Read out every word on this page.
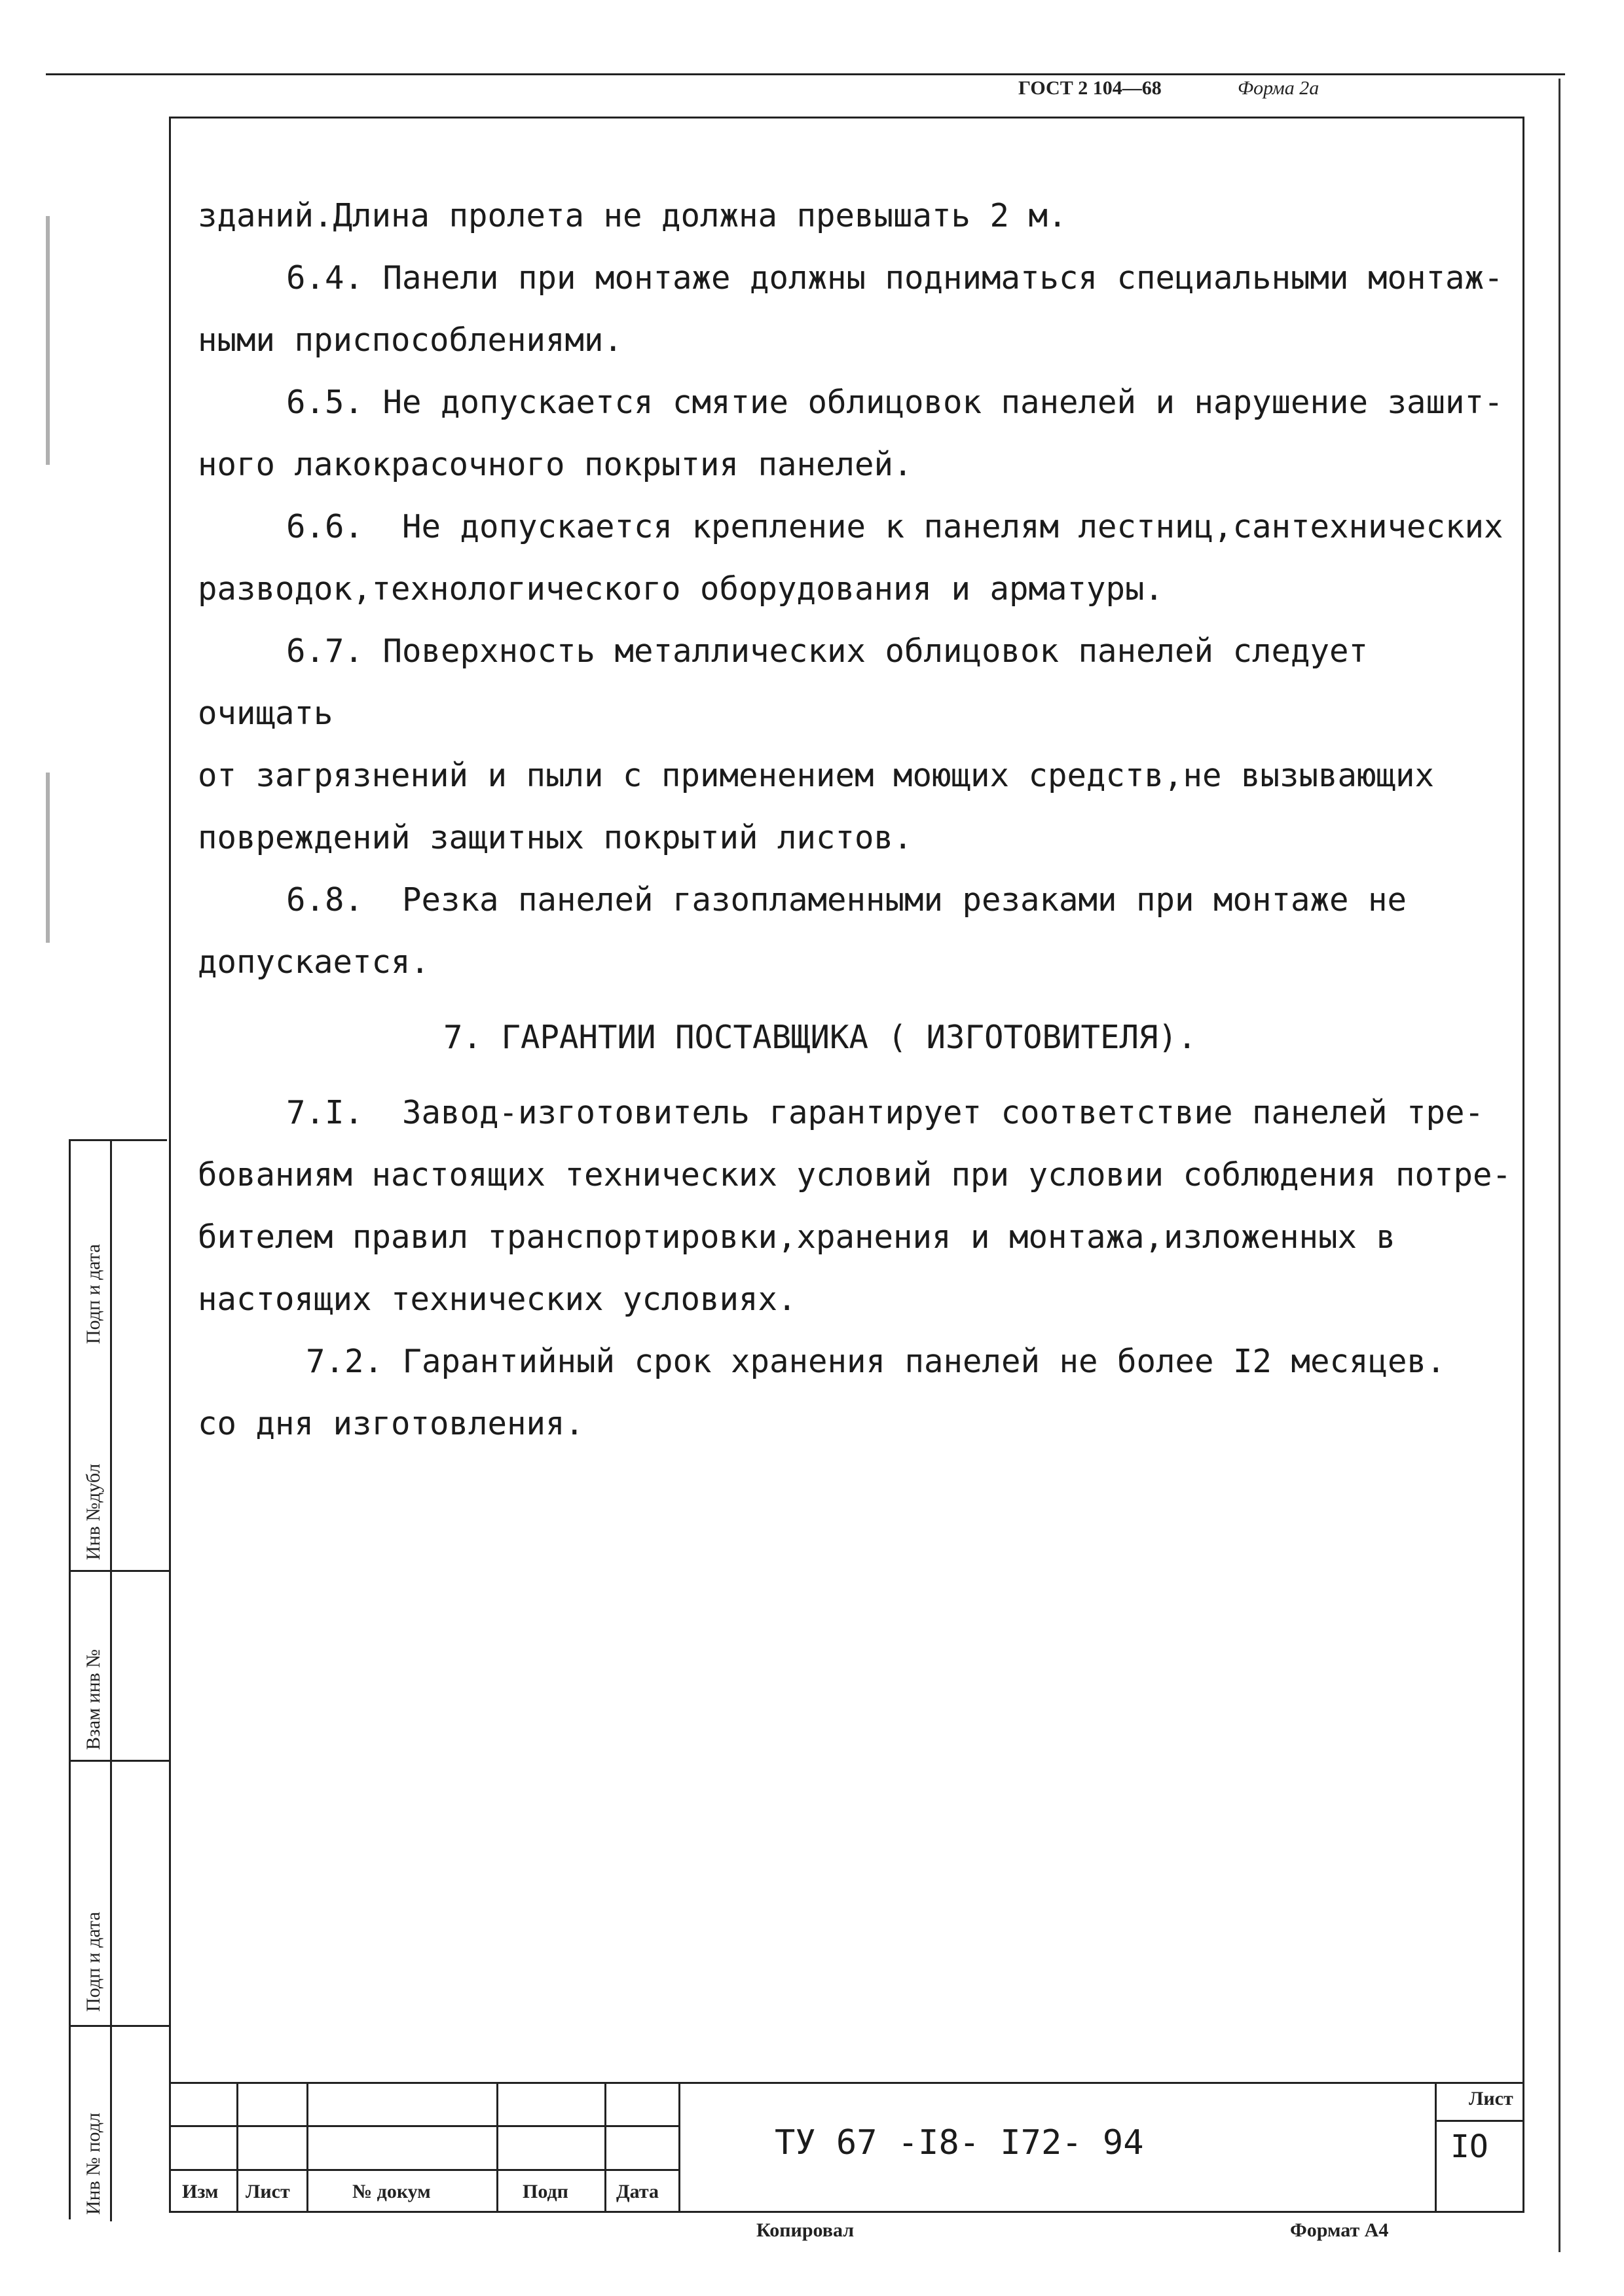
ГОСТ 2 104—68	Форма 2а

зданий.Длина пролета не должна превышать 2 м.

6.4. Панели при монтаже должны подниматься специальными монтаж-

ными приспособлениями.

6.5. Не допускается смятие облицовок панелей и нарушение зашит-

ного лакокрасочного покрытия панелей.

6.6.  Не допускается крепление к панелям лестниц,сантехнических

разводок,технологического оборудования и арматуры.

6.7. Поверхность металлических облицовок панелей следует очищать

от загрязнений и пыли с применением моющих средств,не вызывающих

повреждений защитных покрытий листов.

6.8.  Резка панелей газопламенными резаками при монтаже не

допускается.

7. ГАРАНТИИ ПОСТАВЩИКА ( ИЗГОТОВИТЕЛЯ).

7.I.  Завод-изготовитель гарантирует соответствие панелей тре-

бованиям настоящих технических условий при условии соблюдения потре-

бителем правил транспортировки,хранения и монтажа,изложенных в

настоящих технических условиях.

7.2. Гарантийный срок хранения панелей не более I2 месяцев.

со дня изготовления.

Подп и дата
Инв №дубл
Взам инв №
Подп и дата
Инв № подл	Изм Лист	№ докум	Подп Дата
ТУ 67 -I8- I72- 94
Лист
IO
Копировал	Формат А4
